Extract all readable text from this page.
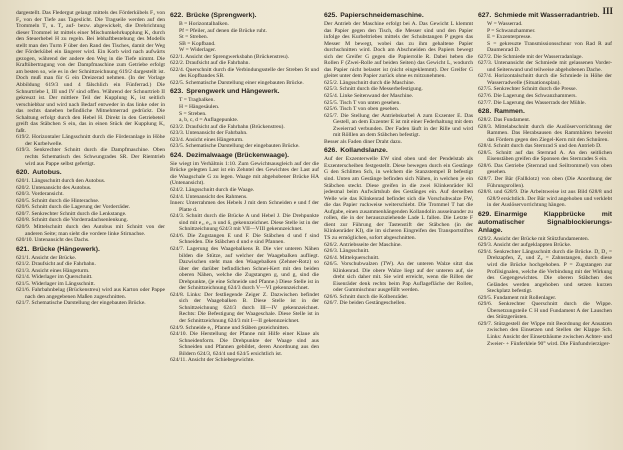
III

dargestellt. Das Fledergut gelangt mittels des Förderkübels F₁ von F₂ von der Tiefe aus Tageslicht. Die Tragseile werden auf den Trommeln T₁ u. T₂ auf- bezw. abgewickelt, die Drehrichtung dieser Trommel ist mittels einer Mischumkehrkupplung K₁ durch den Steuerhebel H zu regeln. Bei lebhaftbestehung des Modells stellt man den Turm F über den Rand des Tisches, damit der Weg der Förderkübel ein längerer wird. Ein Korb wird nach aufwärts gezogen, während der andere den Weg in die Tiefe nimmt. Die Kraftübertragung von der Dampfmaschine zum Getriebe erfolgt am besten so, wie es in der Schnittzeichnung 619/2 dargestellt ist. Doch muß man für G ein Dreizerad nehmen. (In der Vorlage Abbildung 619/3 und 4 fälschlich ein Fünferrad.) Die Schnurtriebe I, III und IV sind offen. Während der Schnurtrieb II gekreuzt ist. Der mittlere Teil der Kupplung K₁ ist seitlich verschiebbar und wird nach Bedarf entweder in das linke oder in das rechts daneben befindliche Mitnehmerrad gedrückt. Die Schaltung erfolgt durch den Hebel H. Direkt in den Getriebeteil greift das Stäbchen S ein, das in einen Stück der Kupplung K₁ faßt.

619/2. Horizontaler Längsschnitt durch die Förderanlage in Höhe der Kurbelwelle.

619/3. Senkrechter Schnitt durch die Dampfmaschine. Oben rechts Schematisch des Schwungrades SR. Der Riemtrieb wird aus Pappe selbst gefertigt.

620. Autobus.

620/1. Längsschnitt durch den Autobus.

620/2. Untenansicht des Autobus.

620/3. Vorderansicht.

620/5. Schnitt durch die Hinterachse.

620/6. Schnitt durch die Lagerung der Vorderräder.

620/7. Senkrechter Schnitt durch die Lenkstange.

620/8. Schnitt durch die Vorderradachsenlenkung.

620/9. Mittelschnitt durch den Autobus mit Schnitt von der anderen Seite; man sieht die vordere linke Stirnachse.

620/10. Untenansicht des Dachs.

621. Brücke (Hängewerk).

621/1. Ansicht der Brücke.

621/2. Draufsicht auf die Fahrbahn.

621/3. Ansicht eines Hängeturm.

621/4. Widerlager im Querschnitt.

621/5. Widerlager im Längsschnitt.

621/6. Fahrbahnbelag (Brückenstreu) wird aus Karton oder Pappe nach den angegebenen Maßen zugeschnitten.

621/7. Schematische Darstellung der eingebauten Brücke.

622. Brücke (Sprengwerk).

B = Horizontalbalken.

Pf = Pfeiler, auf denen die Brücke ruht.

St = Streben.

SB = Kopfband.

W = Widerlager.

622/1. Ansicht der Sprengwerksbahn (Brückenstreu).

622/2. Draufsicht auf die Fahrbahn.

622/4. Querschnitt durch die Verbindungsstelle der Streben St und des Kopfbandes SB.

622/5. Schematische Darstellung einer eingebauten Brücke.

623. Sprengwerk und Hängewerk.

T = Tragbalken.

H = Hängesäulen.

S = Streben.

a, b, c, d = Auflagepunkte.

623/2. Draufsicht auf die Fahrbahn (Brückenstreu).

623/3. Untenansicht der Fahrbahn.

623/4. Ansicht eines Hängeturm.

623/5. Schematische Darstellung der eingebauten Brücke.

624. Dezimalwaage (Brückenwaage).

Sie wiegt im Verhältnis 1:10. Zum Gewichtsausgleich auf der die Brücke gelegten Last ist ein Zehntel des Gewichtes der Last auf die Waagschale G zu legen. Waage mit abgehobener Brücke HA (Untenansicht).

624/2. Längsschnitt durch die Waage.

624/4. Untenansicht des Rahmens.

Innen: Unterrahmen des Hebels J mit dem Schneiden e und f der Platte d.

624/3. Schnitt durch die Brücke A und Hebel J. Die Drehpunkte sind mit e₁, e₂, n und δ, gekennzeichnet. Diese Stelle ist in der Schnittzeichnung 624/3 mit VII—VIII gekennzeichnet.

624/6. Die Zugstangen E und F. Die Stäbchen d und f sind Schneiden. Die Stäbchen d und e sind Pfannen.

624/7. Lagerung des Waagebalkens B. Die vier unteren Nähen bilden die Stütze, auf welcher der Waagebalken aufliegt. Dazwischen steht man den Waagebalken (Zehner-Rotz) so über der darüber befindlichen Schnei-Kert mit den beiden oberen Nähen, welche die Zugstangen g, und g, sind die Drehpunkte, (je eine Schneide und Pfanne.) Diese Stelle ist in der Schnittzeichnung 624/3 durch V—VI gekennzeichnet.

624/8. Links: Der festliegende Zeiger Z. Dazwischen befindet sich der Waagebalken B. Diese Stelle ist in der Schnittzeichnung 624/3 durch III—IV gekennzeichnet. Rechts: Die Befestigung der Waageschale. Diese Stelle ist in der Schnittzeichnung 624/3 mit I—II gekennzeichnet.

624/9. Schneide e₁, Pfanne und Stäben gezeichnitten.

624/10. Die Herstellung der Pfanne mit Hilfe einer Klaue als Schneidenform. Die Drehpunkte der Waage sind aus Schneiden und Pfannen gebildet, deren Anordnung aus den Bildern 624/3, 624/4 und 624/5 ersichtlich ist.

624/11. Ansicht der Schiebegewichte.

625. Papierschneidemaschine.

Der Antrieb der Maschine erfolgt bei A. Das Gewicht L klemmt das Papier gegen den Tisch, die Messer sind und den Papier infolge des Kurbeltriebes mittels der Schubstangen P gegen das Messer M bewegt, wobei das zu ihm gehaltene Papier durchschnitten wird. Doch am Abschneiden des Papiers bewegt sich der Greifer G gegen die Papierrolle R. Dabei heben die Rollen F (Zwei-Rolle auf beiden Seiten) das Gewicht L, wodurch das Papier nicht belastet ist (nicht eingeklemmt). Der Greifer G gleitet unter dem Papier zurück ohne es mitzunehmen.

625/2. Längsschnitt durch die Maschine.

625/3. Schnitt durch die Messerbefestigung.

625/4. Linke Seitenwand der Maschine.

625/5. Tisch T von unten gesehen.

625/6. Tisch T von oben gesehen.

625/7. Die Stellung der Antriebskurbel A zum Exzenter E. Das Gestell, an dem Exzenter E ist mit einer Federhaltung mit dem Zweierrad verbunden. Der Faden läuft in der Rille und wird mit Rölllen an dem Stäbchen befestigt.

Besser als Faden diner Draht dazu.

626. Kollandslanze.

Auf der Exzenterwelle EW sind oben und der Pendelstab als Exzenterscheiben festgestellt. Diese bewegen durch ein Gestänge G den Schlitten Sch, in welchem die Stanzstempel B befestigt sind. Unten am Gestänge befinden sich Nähen, in welchen je ein Stäbchen steckt. Diese greifen in die zwei Klinkenräder KI jedesmal beim Aufwärtshub des Gestänges ein. Auf derselben Welle wie das Klinkenrad befindet sich die Vorschubwalze FW, die das Papier ruckweise weiterschiebt. Die Trommel T hat die Aufgabe, einen zusammenhängenden Kollandolin ausseinander zu rollen, die in der herauszuziehende Lade L fallen. Die Letzte F dient zur Führung der Tastenstift der Stäbchen (in der Klinkenräder KI), die im sicheren Eingreifen des Transportstiftes TS zu ermöglichen, sofort abgeschnitten.

626/2. Antriebsseite der Maschine.

626/3. Längsschnitt.

626/4. Mittelquerschnitt.

626/5. Vorschubwalzen (TW). An der unteren Walze sitzt das Klinkenrad. Die obere Walze liegt auf der unteren auf, sie dreht sich daher mit. Sie wird erreicht, wenn die Rillen der Eisenräder denk rechts beim Pap Auflagefläche der Rollen, oder Gummischnur ausgefüllt werden.

626/6. Schnitt durch die Kolbenräder.

626/7. Die beiden Gestängeschellen.

627. Schmiede mit Wasserradantrieb.

W = Wasserrad.

P = Schwanzhammer.

E = Exzenterpresse.

S = gekreuzte Transmissionsschnur von Rad R auf Daumenrad D.

627/2. Die Schmiede mit der Wasserradanlage.

627/3. Untenansicht der Schmiede mit gelassenen Vorder- und Seitenwand und teilweise abgehobenen Dache.

627/4. Horizontalschnitt durch die Schmiede in Höhe der Wasserradwelle (Situationsplan).

627/5. Senkrechter Schnitt durch die Presse.

627/6. Die Lagerung des Schwanzhammers.

627/7. Die Lagerung des Wasserrads der Mühle.

628. Rammen.

628/2. Das Fundament.

628/3. Mittelabschnitt durch die Auslöservorrichtung der Rammen. Das Herabsausen des Rammbären beweist das Fördern gegen den Ziegel-Kern mit den Schnüren.

628/4. Schnitt durch das Sternrad S und den Antrieb D.

628/5. Schnitt auf das Sternrad A. An den seitlichen Eisenstäben greifen die Sponsen des Sternrades S ein.

628/6. Das Getriebe (Sternrad und Seiltrommel) von oben gesehen.

628/7. Der Bär (Fallklotz) von oben (Die Anordnung der Führungsrollen).

628/8. und 628/9. Die Arbeitsweise ist aus Bild 628/8 und 628/9 ersichtlich. Der Bär wird angehoben und verklebt in der Auslöservorrichtung hängen.

629. Einarmige Klappbrücke mit automatischer Signalblockierungs-Anlage.

629/2. Ansicht der Brücke mit Stützfundamenten.

629/3. Ansicht der aufgeklappten Brücke.

629/4. Senkrechter Längsschnitt durch die Brücke. D, D₁ = Drehzapfen, Z₁ und Z₂ = Zahnstangen, durch diese wird die Brücke hochgehoben. P = Zugstangen zur Profilsignalen, welche die Verbindung mit der Wirkung des Gegengewichtes. Die oberen Stäbchen des Geländes werden angehoben und setzen kurzen Steckplatz befestigt.

629/5. Fundament mit Rollenlager.

629/6. Senkrechter Querschnitt durch die Wippe. Übersetzungsteile C H und Fundament A der Lauschen des Stützgerüsten.

629/7. Stützgestell der Wippe mit Beordnung der Ansatzen zwischen den Einsetzen und Stellen der Klappe Sch. Links: Ansicht der Einsetzbäume zwischen Achter- und Zweier- + Fünferkleie 90° wird. Die Fünfundvierziger-
